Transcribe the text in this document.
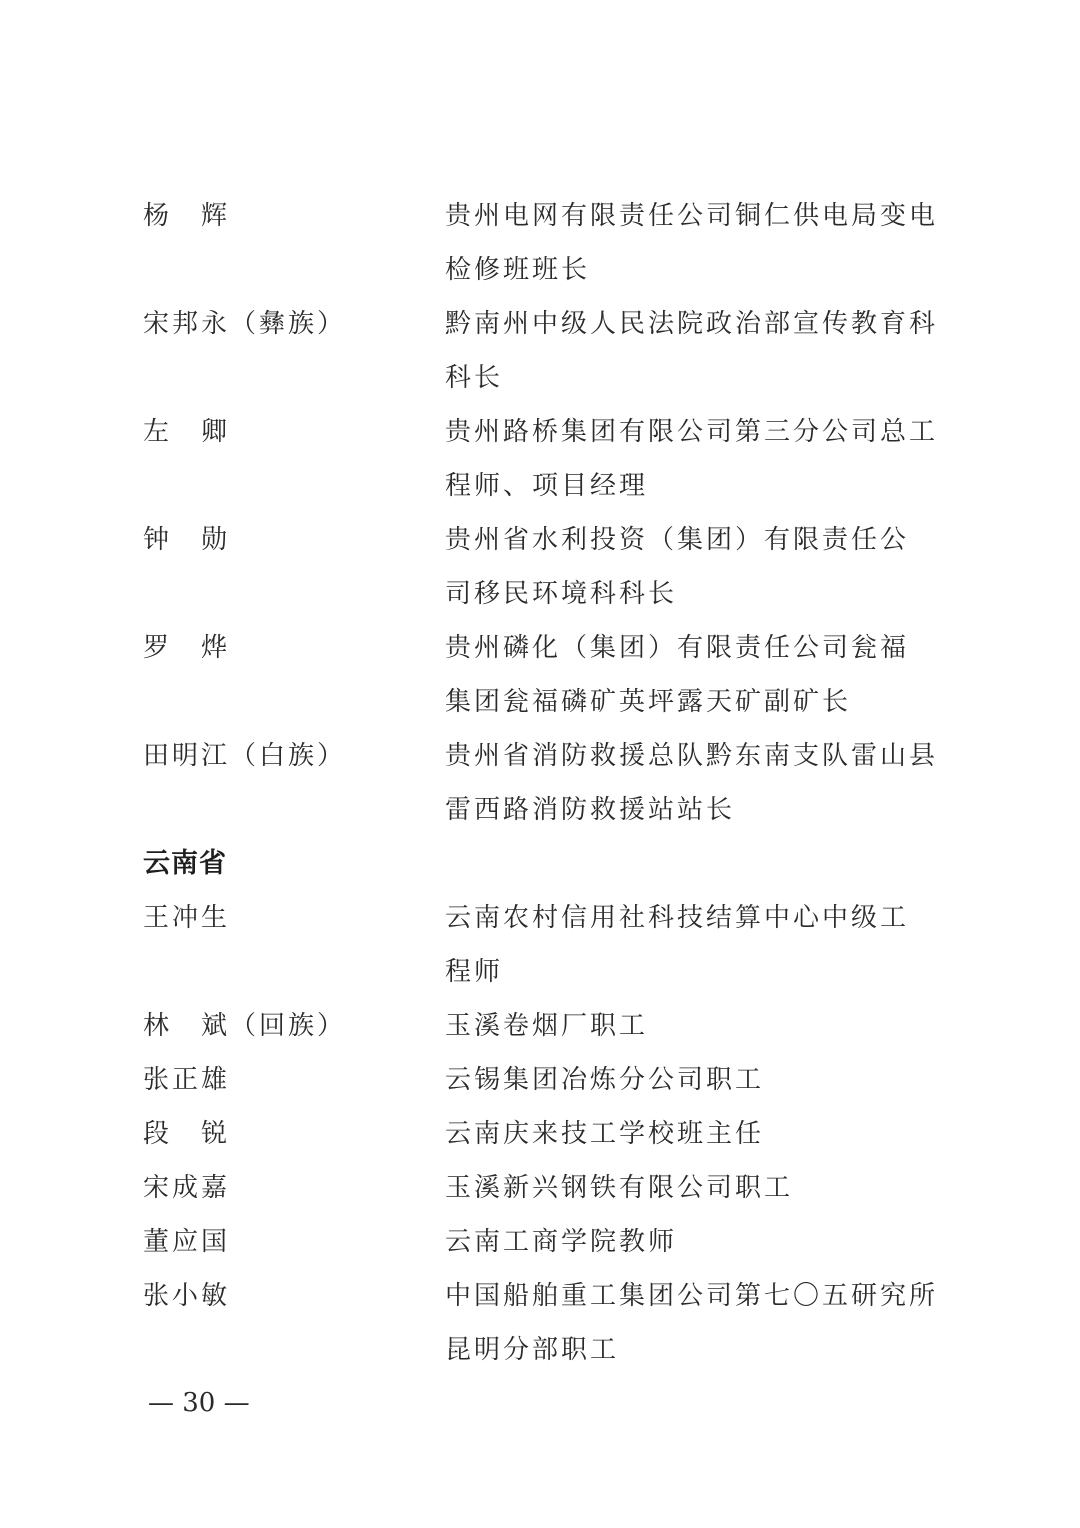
杨　辉	贵州电网有限责任公司铜仁供电局变电
检修班班长
宋邦永（彝族）	黔南州中级人民法院政治部宣传教育科
科长
左　卿	贵州路桥集团有限公司第三分公司总工
程师、项目经理
钟　勋	贵州省水利投资（集团）有限责任公
司移民环境科科长
罗　烨	贵州磷化（集团）有限责任公司瓮福
集团瓮福磷矿英坪露天矿副矿长
田明江（白族）	贵州省消防救援总队黔东南支队雷山县
雷西路消防救援站站长
云南省
王冲生	云南农村信用社科技结算中心中级工
程师
林　斌（回族）	玉溪卷烟厂职工
张正雄	云锡集团冶炼分公司职工
段　锐	云南庆来技工学校班主任
宋成嘉	玉溪新兴钢铁有限公司职工
董应国	云南工商学院教师
张小敏	中国船舶重工集团公司第七〇五研究所
昆明分部职工
— 30 —
